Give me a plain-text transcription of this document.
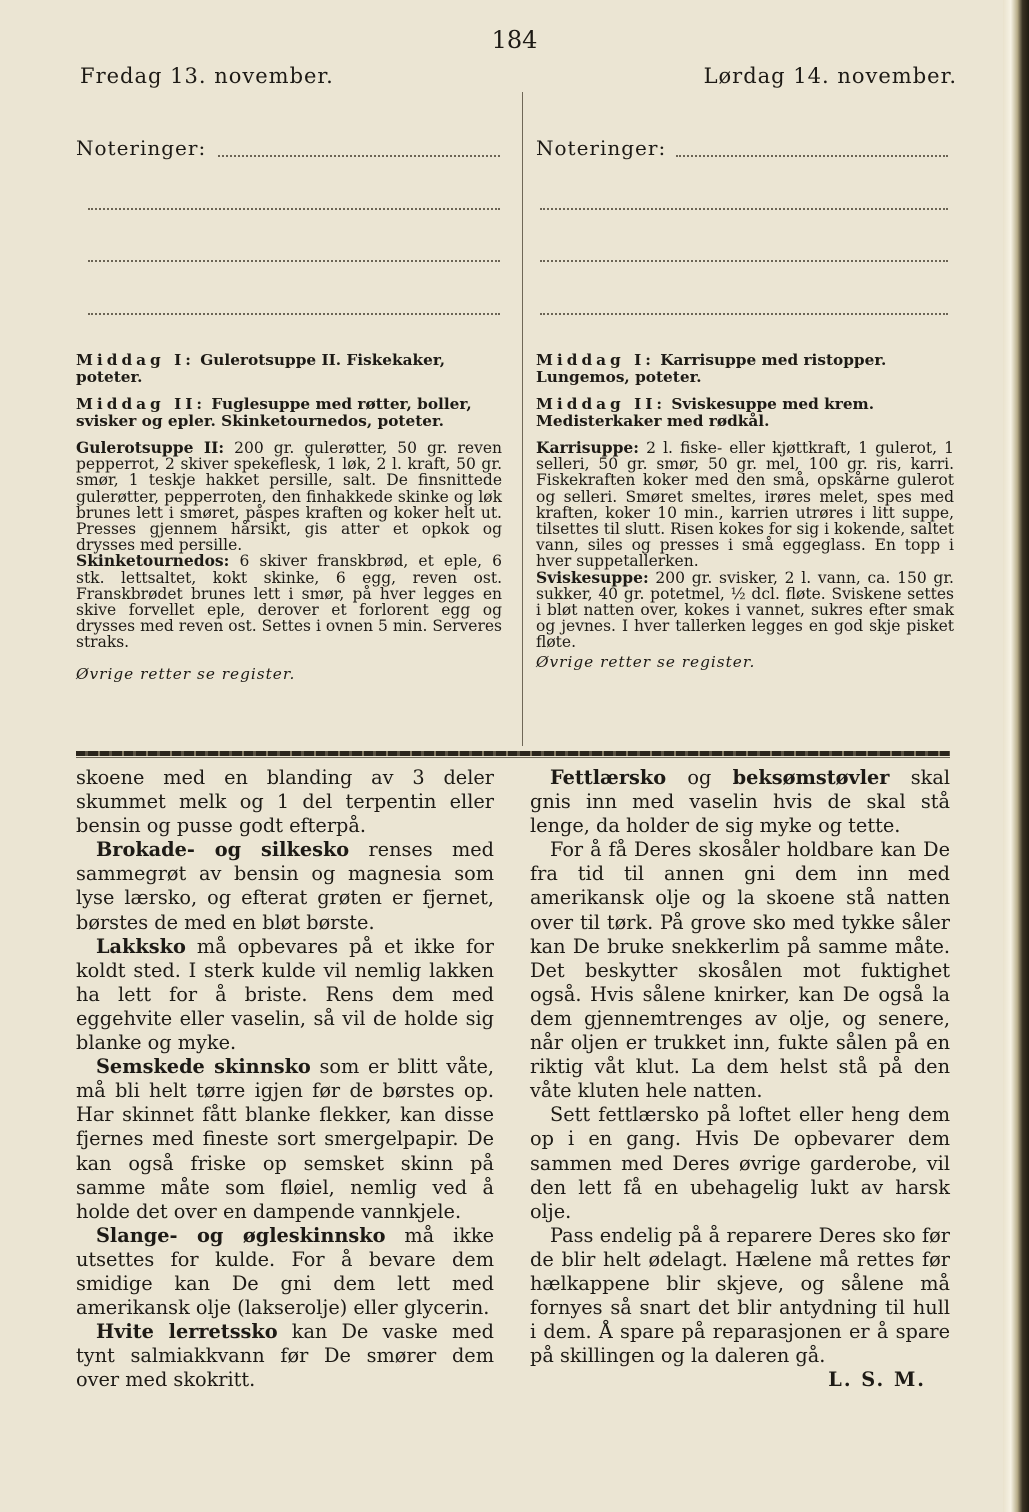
184
Fredag 13. november.	Lørdag 14. november.
Noteringer:	Noteringer:

Middag I: Gulerotsuppe II. Fiskekaker, poteter.

Middag II: Fuglesuppe med røtter, boller, svisker og epler. Skinketournedos, poteter.

Gulerotsuppe II: 200 gr. gulerøtter, 50 gr. reven pepperrot, 2 skiver spekeflesk, 1 løk, 2 l. kraft, 50 gr. smør, 1 teskje hakket persille, salt. De finsnittede gulerøtter, pepperroten, den finhakkede skinke og løk brunes lett i smøret, påspes kraften og koker helt ut. Presses gjennem hårsikt, gis atter et opkok og drysses med persille.

Skinketournedos: 6 skiver franskbrød, et eple, 6 stk. lettsaltet, kokt skinke, 6 egg, reven ost. Franskbrødet brunes lett i smør, på hver legges en skive forvellet eple, derover et forlorent egg og drysses med reven ost. Settes i ovnen 5 min. Serveres straks.

Øvrige retter se register.

Middag I: Karrisuppe med ristopper. Lungemos, poteter.

Middag II: Sviskesuppe med krem. Medisterkaker med rødkål.

Karrisuppe: 2 l. fiske- eller kjøttkraft, 1 gulerot, 1 selleri, 50 gr. smør, 50 gr. mel, 100 gr. ris, karri. Fiskekraften koker med den små, opskårne gulerot og selleri. Smøret smeltes, irøres melet, spes med kraften, koker 10 min., karrien utrøres i litt suppe, tilsettes til slutt. Risen kokes for sig i kokende, saltet vann, siles og presses i små eggeglass. En topp i hver suppetallerken.

Sviskesuppe: 200 gr. svisker, 2 l. vann, ca. 150 gr. sukker, 40 gr. potetmel, ½ dcl. fløte. Sviskene settes i bløt natten over, kokes i vannet, sukres efter smak og jevnes. I hver tallerken legges en god skje pisket fløte.

Øvrige retter se register.

skoene med en blanding av 3 deler skummet melk og 1 del terpentin eller bensin og pusse godt efterpå.

Brokade- og silkesko renses med sammegrøt av bensin og magnesia som lyse lærsko, og efterat grøten er fjernet, børstes de med en bløt børste.

Lakksko må opbevares på et ikke for koldt sted. I sterk kulde vil nemlig lakken ha lett for å briste. Rens dem med eggehvite eller vaselin, så vil de holde sig blanke og myke.

Semskede skinnsko som er blitt våte, må bli helt tørre igjen før de børstes op. Har skinnet fått blanke flekker, kan disse fjernes med fineste sort smergelpapir. De kan også friske op semsket skinn på samme måte som fløiel, nemlig ved å holde det over en dampende vannkjele.

Slange- og øgleskinnsko må ikke utsettes for kulde. For å bevare dem smidige kan De gni dem lett med amerikansk olje (lakserolje) eller glycerin.

Hvite lerretssko kan De vaske med tynt salmiakkvann før De smører dem over med skokritt.

Fettlærsko og beksømstøvler skal gnis inn med vaselin hvis de skal stå lenge, da holder de sig myke og tette.

For å få Deres skosåler holdbare kan De fra tid til annen gni dem inn med amerikansk olje og la skoene stå natten over til tørk. På grove sko med tykke såler kan De bruke snekkerlim på samme måte. Det beskytter skosålen mot fuktighet også. Hvis sålene knirker, kan De også la dem gjennemtrenges av olje, og senere, når oljen er trukket inn, fukte sålen på en riktig våt klut. La dem helst stå på den våte kluten hele natten.

Sett fettlærsko på loftet eller heng dem op i en gang. Hvis De opbevarer dem sammen med Deres øvrige garderobe, vil den lett få en ubehagelig lukt av harsk olje.

Pass endelig på å reparere Deres sko før de blir helt ødelagt. Hælene må rettes før hælkappene blir skjeve, og sålene må fornyes så snart det blir antydning til hull i dem. Å spare på reparasjonen er å spare på skillingen og la daleren gå.
L. S. M.
